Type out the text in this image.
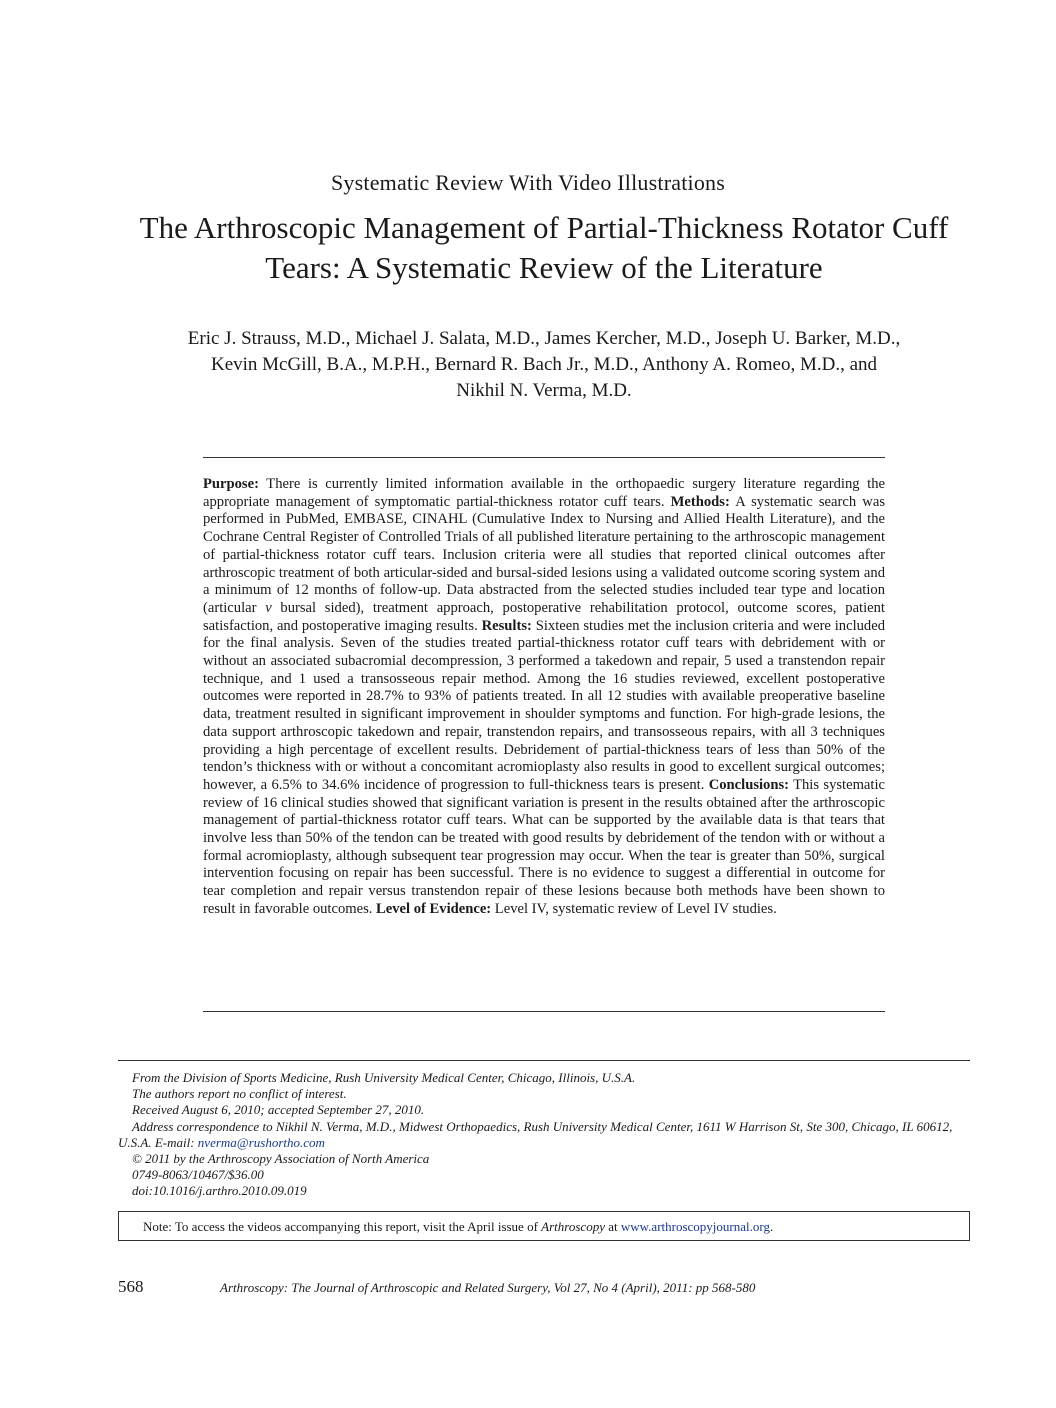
Systematic Review With Video Illustrations
The Arthroscopic Management of Partial-Thickness Rotator Cuff
Tears: A Systematic Review of the Literature
Eric J. Strauss, M.D., Michael J. Salata, M.D., James Kercher, M.D., Joseph U. Barker, M.D.,
Kevin McGill, B.A., M.P.H., Bernard R. Bach Jr., M.D., Anthony A. Romeo, M.D., and
Nikhil N. Verma, M.D.
Purpose: There is currently limited information available in the orthopaedic surgery literature regarding the appropriate management of symptomatic partial-thickness rotator cuff tears. Methods: A systematic search was performed in PubMed, EMBASE, CINAHL (Cumulative Index to Nursing and Allied Health Literature), and the Cochrane Central Register of Controlled Trials of all published literature pertaining to the arthroscopic management of partial-thickness rotator cuff tears. Inclusion criteria were all studies that reported clinical outcomes after arthroscopic treatment of both articular-sided and bursal-sided lesions using a validated outcome scoring system and a minimum of 12 months of follow-up. Data abstracted from the selected studies included tear type and location (articular v bursal sided), treatment approach, postoperative rehabilitation protocol, outcome scores, patient satisfaction, and postoperative imaging results. Results: Sixteen studies met the inclusion criteria and were included for the final analysis. Seven of the studies treated partial-thickness rotator cuff tears with debridement with or without an associated subacromial decompression, 3 performed a takedown and repair, 5 used a transtendon repair technique, and 1 used a transosseous repair method. Among the 16 studies reviewed, excellent postoperative outcomes were reported in 28.7% to 93% of patients treated. In all 12 studies with available preoperative baseline data, treatment resulted in significant improvement in shoulder symptoms and function. For high-grade lesions, the data support arthroscopic takedown and repair, transtendon repairs, and transosseous repairs, with all 3 techniques providing a high percentage of excellent results. Debridement of partial-thickness tears of less than 50% of the tendon’s thickness with or without a concomitant acromioplasty also results in good to excellent surgical outcomes; however, a 6.5% to 34.6% incidence of progression to full-thickness tears is present. Conclusions: This systematic review of 16 clinical studies showed that significant variation is present in the results obtained after the arthroscopic management of partial-thickness rotator cuff tears. What can be supported by the available data is that tears that involve less than 50% of the tendon can be treated with good results by debridement of the tendon with or without a formal acromioplasty, although subsequent tear progression may occur. When the tear is greater than 50%, surgical intervention focusing on repair has been successful. There is no evidence to suggest a differential in outcome for tear completion and repair versus transtendon repair of these lesions because both methods have been shown to result in favorable outcomes. Level of Evidence: Level IV, systematic review of Level IV studies.

From the Division of Sports Medicine, Rush University Medical Center, Chicago, Illinois, U.S.A.

The authors report no conflict of interest.

Received August 6, 2010; accepted September 27, 2010.

Address correspondence to Nikhil N. Verma, M.D., Midwest Orthopaedics, Rush University Medical Center, 1611 W Harrison St, Ste 300, Chicago, IL 60612, U.S.A. E-mail: nverma@rushortho.com

© 2011 by the Arthroscopy Association of North America

0749-8063/10467/$36.00

doi:10.1016/j.arthro.2010.09.019

Note: To access the videos accompanying this report, visit the April issue of Arthroscopy at www.arthroscopyjournal.org.
568	Arthroscopy: The Journal of Arthroscopic and Related Surgery, Vol 27, No 4 (April), 2011: pp 568-580
